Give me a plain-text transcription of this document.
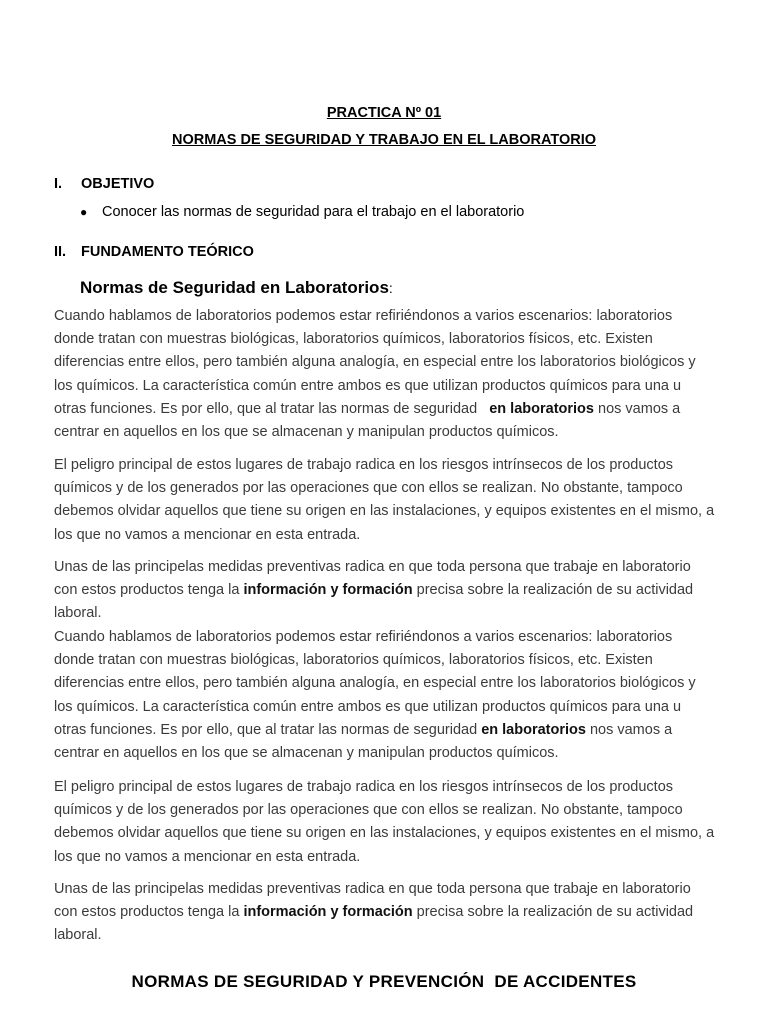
PRACTICA Nº 01
NORMAS DE SEGURIDAD Y TRABAJO EN EL LABORATORIO
I. OBJETIVO
● Conocer las normas de seguridad para el trabajo en el laboratorio
II. FUNDAMENTO TEÓRICO
Normas de Seguridad en Laboratorios:
Cuando hablamos de laboratorios podemos estar refiriéndonos a varios escenarios: laboratorios
donde tratan con muestras biológicas, laboratorios químicos, laboratorios físicos, etc. Existen
diferencias entre ellos, pero también alguna analogía, en especial entre los laboratorios biológicos y
los químicos. La característica común entre ambos es que utilizan productos químicos para una u
otras funciones. Es por ello, que al tratar las normas de seguridad   en laboratorios nos vamos a
centrar en aquellos en los que se almacenan y manipulan productos químicos.
El peligro principal de estos lugares de trabajo radica en los riesgos intrínsecos de los productos
químicos y de los generados por las operaciones que con ellos se realizan. No obstante, tampoco
debemos olvidar aquellos que tiene su origen en las instalaciones, y equipos existentes en el mismo, a
los que no vamos a mencionar en esta entrada.
Unas de las principelas medidas preventivas radica en que toda persona que trabaje en laboratorio
con estos productos tenga la información y formación precisa sobre la realización de su actividad
laboral.
Cuando hablamos de laboratorios podemos estar refiriéndonos a varios escenarios: laboratorios
donde tratan con muestras biológicas, laboratorios químicos, laboratorios físicos, etc. Existen
diferencias entre ellos, pero también alguna analogía, en especial entre los laboratorios biológicos y
los químicos. La característica común entre ambos es que utilizan productos químicos para una u
otras funciones. Es por ello, que al tratar las normas de seguridad en laboratorios nos vamos a
centrar en aquellos en los que se almacenan y manipulan productos químicos.
El peligro principal de estos lugares de trabajo radica en los riesgos intrínsecos de los productos
químicos y de los generados por las operaciones que con ellos se realizan. No obstante, tampoco
debemos olvidar aquellos que tiene su origen en las instalaciones, y equipos existentes en el mismo, a
los que no vamos a mencionar en esta entrada.
Unas de las principelas medidas preventivas radica en que toda persona que trabaje en laboratorio
con estos productos tenga la información y formación precisa sobre la realización de su actividad
laboral.
NORMAS DE SEGURIDAD Y PREVENCIÓN  DE ACCIDENTES
